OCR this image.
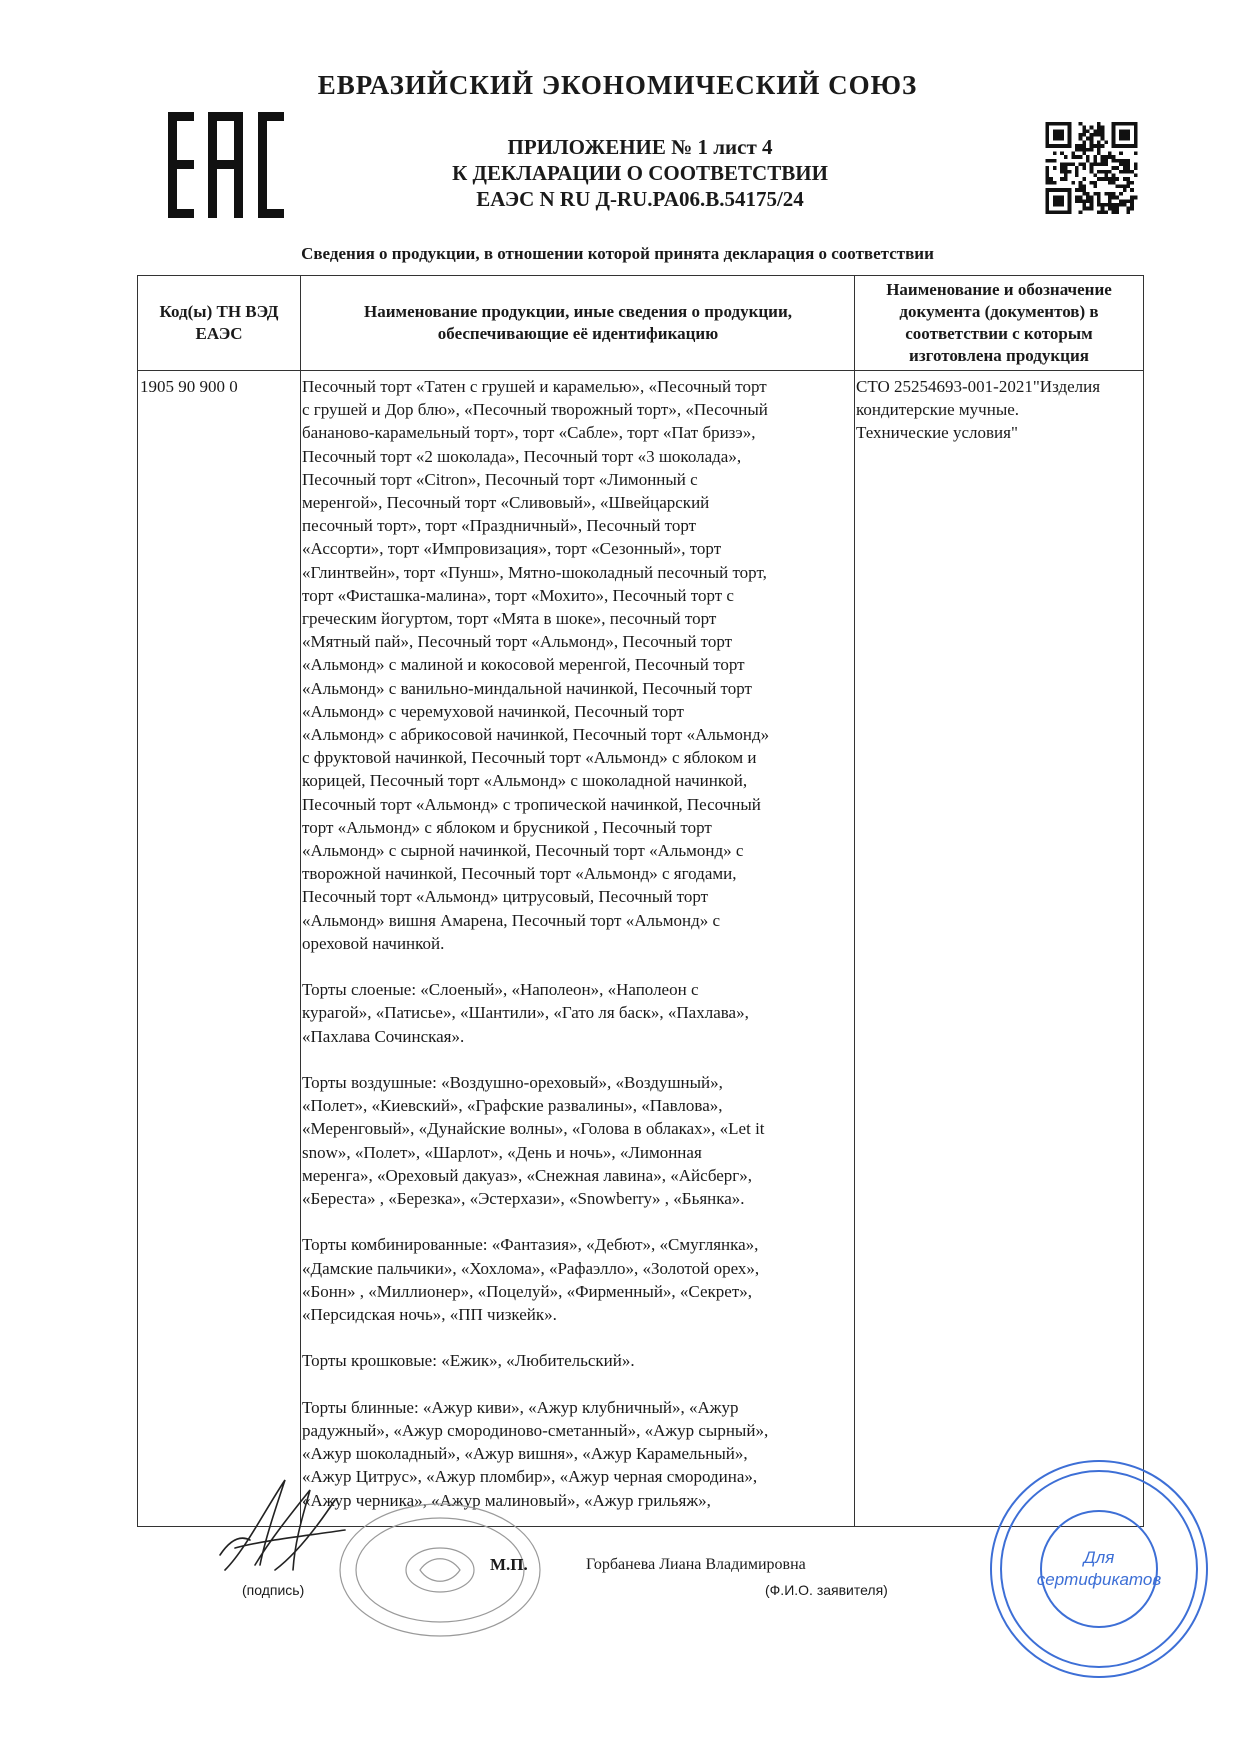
ЕВРАЗИЙСКИЙ ЭКОНОМИЧЕСКИЙ СОЮЗ
ПРИЛОЖЕНИЕ № 1 лист 4
К ДЕКЛАРАЦИИ О СООТВЕТСТВИИ
ЕАЭС N RU Д-RU.PA06.B.54175/24
Сведения о продукции, в отношении которой принята декларация о соответствии
Код(ы) ТН ВЭД ЕАЭС
Наименование продукции, иные сведения о продукции, обеспечивающие её идентификацию
Наименование и обозначение документа (документов) в соответствии с которым изготовлена продукция
1905 90 900 0	Песочный торт «Татен с грушей и карамелью», «Песочный торт
с грушей и Дор блю», «Песочный творожный торт», «Песочный
бананово-карамельный торт», торт «Сабле», торт «Пат бризэ»,
Песочный торт «2 шоколада», Песочный торт «3 шоколада»,
Песочный торт «Citron», Песочный торт «Лимонный с
меренгой», Песочный торт «Сливовый», «Швейцарский
песочный торт», торт «Праздничный», Песочный торт
«Ассорти», торт «Импровизация», торт «Сезонный», торт
«Глинтвейн», торт «Пунш», Мятно-шоколадный песочный торт,
торт «Фисташка-малина», торт «Мохито», Песочный торт с
греческим йогуртом, торт «Мята в шоке», песочный торт
«Мятный пай», Песочный торт «Альмонд», Песочный торт
«Альмонд» с малиной и кокосовой меренгой, Песочный торт
«Альмонд» с ванильно-миндальной начинкой, Песочный торт
«Альмонд» с черемуховой начинкой, Песочный торт
«Альмонд» с абрикосовой начинкой, Песочный торт «Альмонд»
с фруктовой начинкой, Песочный торт «Альмонд» с яблоком и
корицей, Песочный торт «Альмонд» с шоколадной начинкой,
Песочный торт «Альмонд» с тропической начинкой, Песочный
торт «Альмонд» с яблоком и брусникой , Песочный торт
«Альмонд» с сырной начинкой, Песочный торт «Альмонд» с
творожной начинкой, Песочный торт «Альмонд» с ягодами,
Песочный торт «Альмонд» цитрусовый, Песочный торт
«Альмонд» вишня Амарена, Песочный торт «Альмонд» с
ореховой начинкой.
Торты слоеные: «Слоеный», «Наполеон», «Наполеон с
курагой», «Патисье», «Шантили», «Гато ля баск», «Пахлава»,
«Пахлава Сочинская».
Торты воздушные: «Воздушно-ореховый», «Воздушный»,
«Полет», «Киевский», «Графские развалины», «Павлова»,
«Меренговый», «Дунайские волны», «Голова в облаках», «Let it
snow», «Полет», «Шарлот», «День и ночь», «Лимонная
меренга», «Ореховый дакуаз», «Снежная лавина», «Айсберг»,
«Береста» , «Березка», «Эстерхази», «Snowberry» , «Бьянка».
Торты комбинированные: «Фантазия», «Дебют», «Смуглянка»,
«Дамские пальчики», «Хохлома», «Рафаэлло», «Золотой орех»,
«Бонн» , «Миллионер», «Поцелуй», «Фирменный», «Секрет»,
«Персидская ночь», «ПП чизкейк».
Торты крошковые: «Ежик», «Любительский».
Торты блинные: «Ажур киви», «Ажур клубничный», «Ажур
радужный», «Ажур смородиново-сметанный», «Ажур сырный»,
«Ажур шоколадный», «Ажур вишня», «Ажур Карамельный»,
«Ажур Цитрус», «Ажур пломбир», «Ажур черная смородина»,
«Ажур черника», «Ажур малиновый», «Ажур грильяж»,
СТО 25254693-001-2021"Изделия
кондитерские мучные.
Технические условия"
(подпись)
М.П.	Горбанева Лиана Владимировна
(Ф.И.О. заявителя)
Для
сертификатов
